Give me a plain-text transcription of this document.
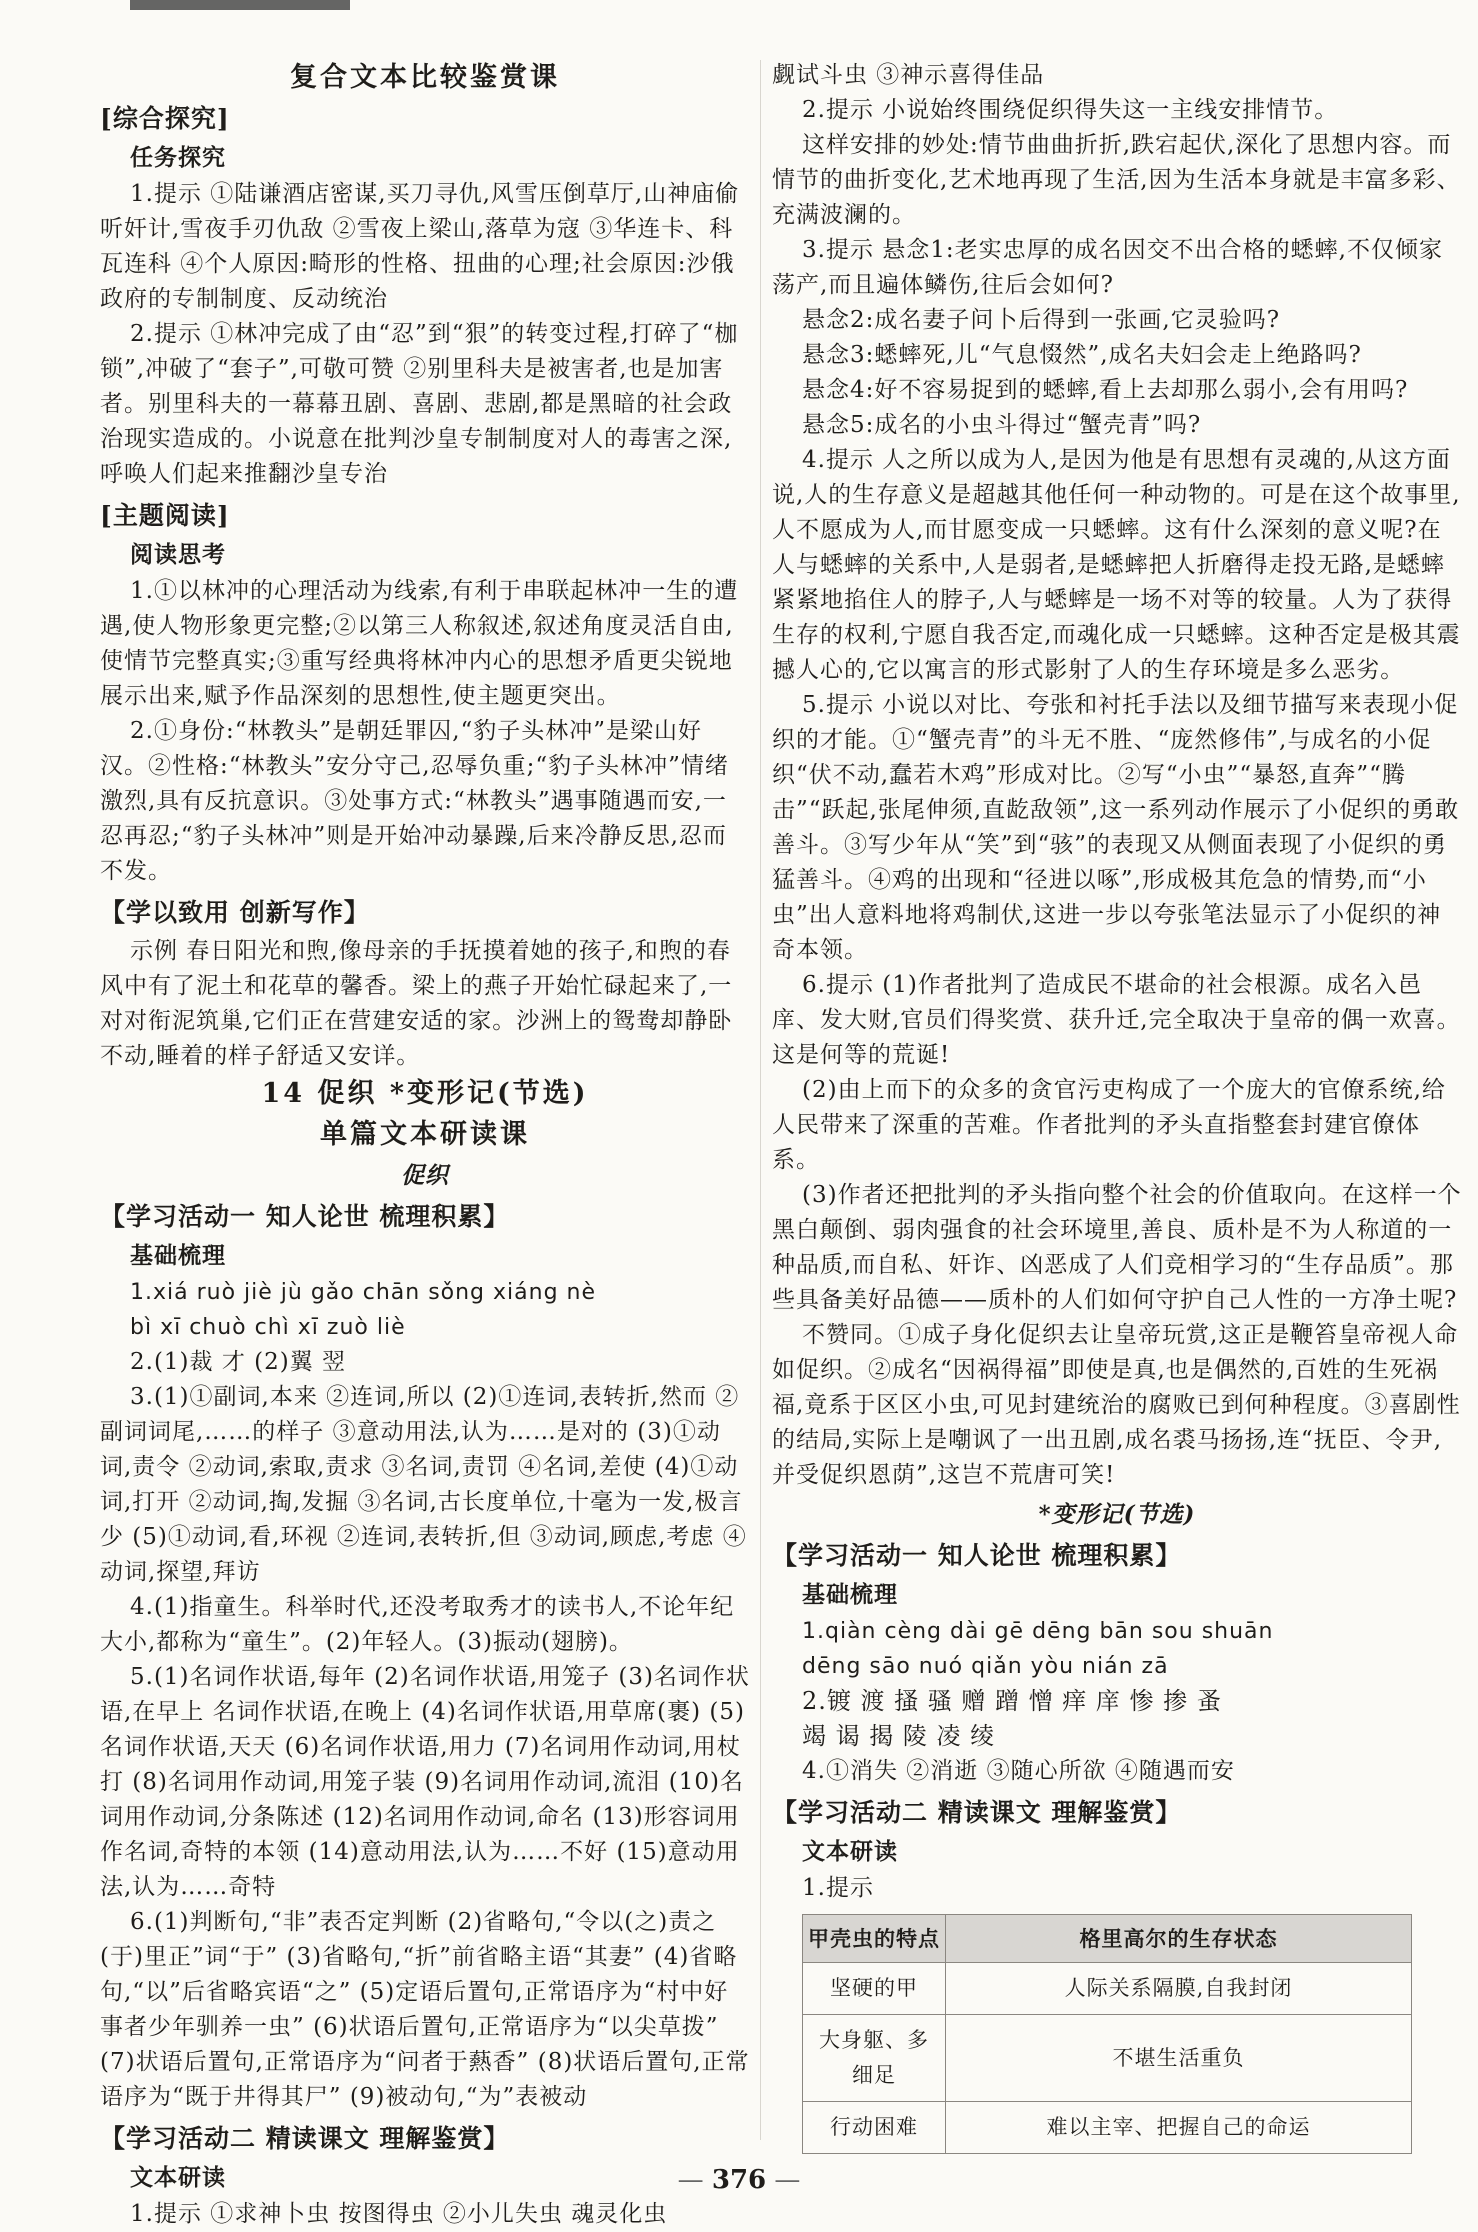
复合文本比较鉴赏课
[综合探究]
任务探究

1.提示 ①陆谦酒店密谋,买刀寻仇,风雪压倒草厅,山神庙偷听奸计,雪夜手刃仇敌 ②雪夜上梁山,落草为寇 ③华连卡、科瓦连科 ④个人原因:畸形的性格、扭曲的心理;社会原因:沙俄政府的专制制度、反动统治

2.提示 ①林冲完成了由“忍”到“狠”的转变过程,打碎了“枷锁”,冲破了“套子”,可敬可赞 ②别里科夫是被害者,也是加害者。别里科夫的一幕幕丑剧、喜剧、悲剧,都是黑暗的社会政治现实造成的。小说意在批判沙皇专制制度对人的毒害之深,呼唤人们起来推翻沙皇专治

[主题阅读]
阅读思考

1.①以林冲的心理活动为线索,有利于串联起林冲一生的遭遇,使人物形象更完整;②以第三人称叙述,叙述角度灵活自由,使情节完整真实;③重写经典将林冲内心的思想矛盾更尖锐地展示出来,赋予作品深刻的思想性,使主题更突出。

2.①身份:“林教头”是朝廷罪囚,“豹子头林冲”是梁山好汉。②性格:“林教头”安分守己,忍辱负重;“豹子头林冲”情绪激烈,具有反抗意识。③处事方式:“林教头”遇事随遇而安,一忍再忍;“豹子头林冲”则是开始冲动暴躁,后来冷静反思,忍而不发。

【学以致用 创新写作】

示例 春日阳光和煦,像母亲的手抚摸着她的孩子,和煦的春风中有了泥土和花草的馨香。梁上的燕子开始忙碌起来了,一对对衔泥筑巢,它们正在营建安适的家。沙洲上的鸳鸯却静卧不动,睡着的样子舒适又安详。

14 促织 *变形记(节选)
单篇文本研读课
促织
【学习活动一 知人论世 梳理积累】
基础梳理
1.xiá ruò jiè jù gǎo chān sǒng xiáng nè
bì xī chuò chì xī zuò liè

2.(1)裁 才 (2)翼 翌

3.(1)①副词,本来 ②连词,所以 (2)①连词,表转折,然而 ②副词词尾,……的样子 ③意动用法,认为……是对的 (3)①动词,责令 ②动词,索取,责求 ③名词,责罚 ④名词,差使 (4)①动词,打开 ②动词,掏,发掘 ③名词,古长度单位,十毫为一发,极言少 (5)①动词,看,环视 ②连词,表转折,但 ③动词,顾虑,考虑 ④动词,探望,拜访

4.(1)指童生。科举时代,还没考取秀才的读书人,不论年纪大小,都称为“童生”。(2)年轻人。(3)振动(翅膀)。

5.(1)名词作状语,每年 (2)名词作状语,用笼子 (3)名词作状语,在早上 名词作状语,在晚上 (4)名词作状语,用草席(裹) (5)名词作状语,天天 (6)名词作状语,用力 (7)名词用作动词,用杖打 (8)名词用作动词,用笼子装 (9)名词用作动词,流泪 (10)名词用作动词,分条陈述 (12)名词用作动词,命名 (13)形容词用作名词,奇特的本领 (14)意动用法,认为……不好 (15)意动用法,认为……奇特

6.(1)判断句,“非”表否定判断 (2)省略句,“令以(之)责之(于)里正”词“于” (3)省略句,“折”前省略主语“其妻” (4)省略句,“以”后省略宾语“之” (5)定语后置句,正常语序为“村中好事者少年驯养一虫” (6)状语后置句,正常语序为“以尖草拨” (7)状语后置句,正常语序为“问者于爇香” (8)状语后置句,正常语序为“既于井得其尸” (9)被动句,“为”表被动

【学习活动二 精读课文 理解鉴赏】
文本研读

1.提示 ①求神卜虫 按图得虫 ②小儿失虫 魂灵化虫

觑试斗虫 ③神示喜得佳品

2.提示 小说始终围绕促织得失这一主线安排情节。

这样安排的妙处:情节曲曲折折,跌宕起伏,深化了思想内容。而情节的曲折变化,艺术地再现了生活,因为生活本身就是丰富多彩、充满波澜的。

3.提示 悬念1:老实忠厚的成名因交不出合格的蟋蟀,不仅倾家荡产,而且遍体鳞伤,往后会如何?

悬念2:成名妻子问卜后得到一张画,它灵验吗?

悬念3:蟋蟀死,儿“气息惙然”,成名夫妇会走上绝路吗?

悬念4:好不容易捉到的蟋蟀,看上去却那么弱小,会有用吗?

悬念5:成名的小虫斗得过“蟹壳青”吗?

4.提示 人之所以成为人,是因为他是有思想有灵魂的,从这方面说,人的生存意义是超越其他任何一种动物的。可是在这个故事里,人不愿成为人,而甘愿变成一只蟋蟀。这有什么深刻的意义呢?在人与蟋蟀的关系中,人是弱者,是蟋蟀把人折磨得走投无路,是蟋蟀紧紧地掐住人的脖子,人与蟋蟀是一场不对等的较量。人为了获得生存的权利,宁愿自我否定,而魂化成一只蟋蟀。这种否定是极其震撼人心的,它以寓言的形式影射了人的生存环境是多么恶劣。

5.提示 小说以对比、夸张和衬托手法以及细节描写来表现小促织的才能。①“蟹壳青”的斗无不胜、“庞然修伟”,与成名的小促织“伏不动,蠢若木鸡”形成对比。②写“小虫”“暴怒,直奔”“腾击”“跃起,张尾伸须,直龁敌领”,这一系列动作展示了小促织的勇敢善斗。③写少年从“笑”到“骇”的表现又从侧面表现了小促织的勇猛善斗。④鸡的出现和“径进以啄”,形成极其危急的情势,而“小虫”出人意料地将鸡制伏,这进一步以夸张笔法显示了小促织的神奇本领。

6.提示 (1)作者批判了造成民不堪命的社会根源。成名入邑庠、发大财,官员们得奖赏、获升迁,完全取决于皇帝的偶一欢喜。这是何等的荒诞!

(2)由上而下的众多的贪官污吏构成了一个庞大的官僚系统,给人民带来了深重的苦难。作者批判的矛头直指整套封建官僚体系。

(3)作者还把批判的矛头指向整个社会的价值取向。在这样一个黑白颠倒、弱肉强食的社会环境里,善良、质朴是不为人称道的一种品质,而自私、奸诈、凶恶成了人们竞相学习的“生存品质”。那些具备美好品德——质朴的人们如何守护自己人性的一方净土呢?

不赞同。①成子身化促织去让皇帝玩赏,这正是鞭笞皇帝视人命如促织。②成名“因祸得福”即使是真,也是偶然的,百姓的生死祸福,竟系于区区小虫,可见封建统治的腐败已到何种程度。③喜剧性的结局,实际上是嘲讽了一出丑剧,成名裘马扬扬,连“抚臣、令尹,并受促织恩荫”,这岂不荒唐可笑!

*变形记(节选)
【学习活动一 知人论世 梳理积累】
基础梳理
1.qiàn cèng dài gē dēng bān sou shuān
dēng sāo nuó qiǎn yòu nián zā
2.镀 渡 搔 骚 赠 蹭 憎 痒 庠 惨 掺 蚤
竭 谒 揭 陵 凌 绫

4.①消失 ②消逝 ③随心所欲 ④随遇而安

【学习活动二 精读课文 理解鉴赏】
文本研读

1.提示

甲壳虫的特点	格里高尔的生存状态
坚硬的甲	人际关系隔膜,自我封闭
大身躯、多细足	不堪生活重负
行动困难	难以主宰、把握自己的命运
— 376 —
